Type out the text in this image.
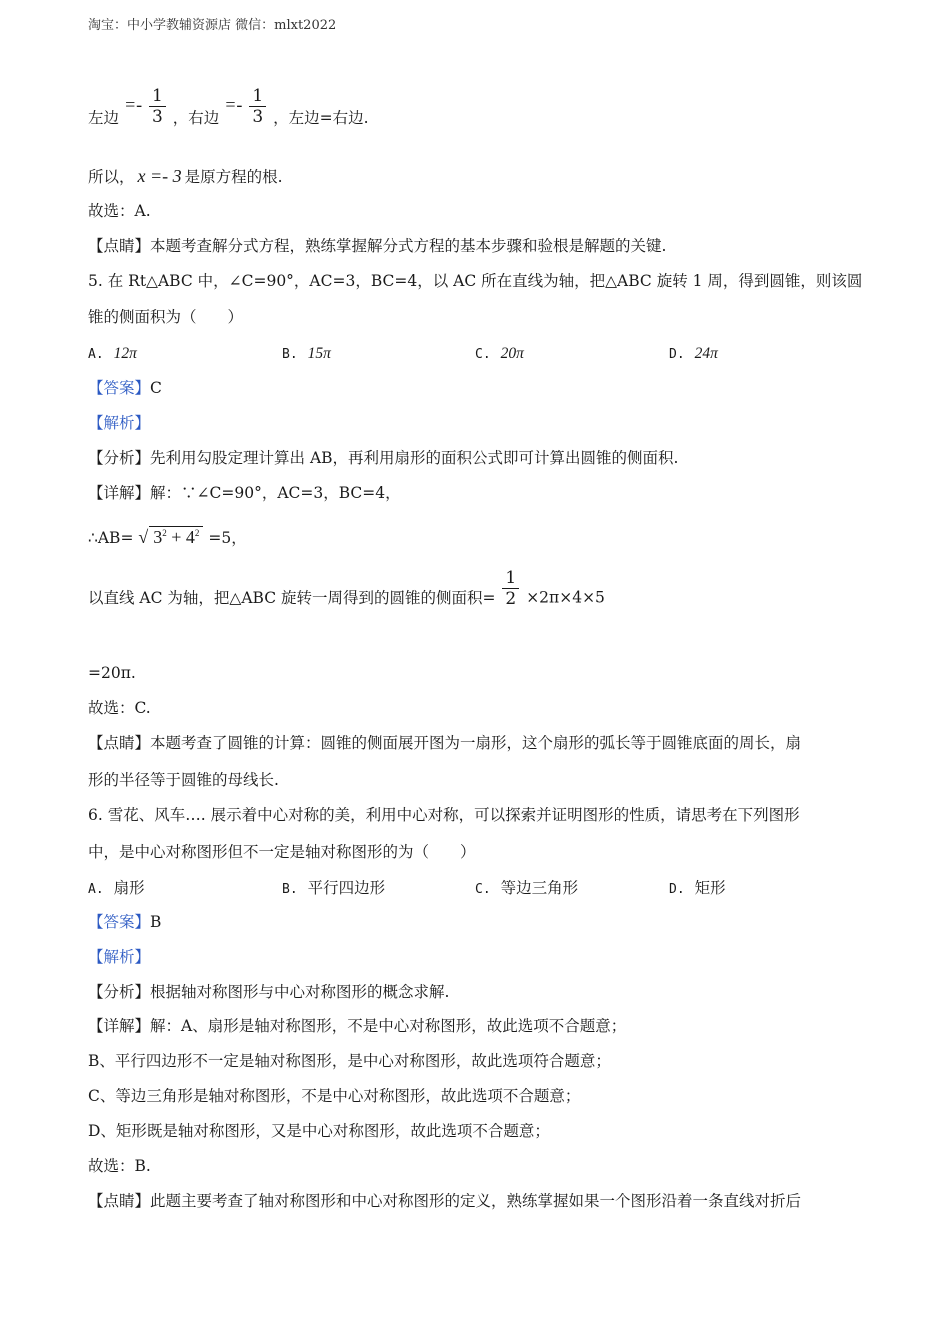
淘宝：中小学教辅资源店 微信：mlxt2022
左边 =- $\frac{1}{3}$ ，右边 =- $\frac{1}{3}$ ，左边=右边.
所以， x =- 3 是原方程的根.
故选：A.
【点睛】本题考查解分式方程，熟练掌握解分式方程的基本步骤和验根是解题的关键.
5. 在 Rt△ABC 中，∠C=90°，AC=3，BC=4，以 AC 所在直线为轴，把△ABC 旋转 1 周，得到圆锥，则该圆
锥的侧面积为（　　）
A. 12π	B. 15π	C. 20π	D. 24π
【答案】C
【解析】
【分析】先利用勾股定理计算出 AB，再利用扇形的面积公式即可计算出圆锥的侧面积.
【详解】解：∵∠C=90°，AC=3，BC=4，
∴AB= √ $3^2 + 4^2 =5$，
以直线 AC 为轴，把△ABC 旋转一周得到的圆锥的侧面积= $\frac{1}{2} \times 2\pi\times 4\times 5$
=20π.
故选：C.
【点睛】本题考查了圆锥的计算：圆锥的侧面展开图为一扇形，这个扇形的弧长等于圆锥底面的周长，扇
形的半径等于圆锥的母线长.
6. 雪花、风车…. 展示着中心对称的美，利用中心对称，可以探索并证明图形的性质，请思考在下列图形
中，是中心对称图形但不一定是轴对称图形的为（　　）
A. 扇形	B. 平行四边形	C. 等边三角形	D. 矩形
【答案】B
【解析】
【分析】根据轴对称图形与中心对称图形的概念求解.
【详解】解：A、扇形是轴对称图形，不是中心对称图形，故此选项不合题意；
B、平行四边形不一定是轴对称图形，是中心对称图形，故此选项符合题意；
C、等边三角形是轴对称图形，不是中心对称图形，故此选项不合题意；
D、矩形既是轴对称图形，又是中心对称图形，故此选项不合题意；
故选：B.
【点睛】此题主要考查了轴对称图形和中心对称图形的定义，熟练掌握如果一个图形沿着一条直线对折后
